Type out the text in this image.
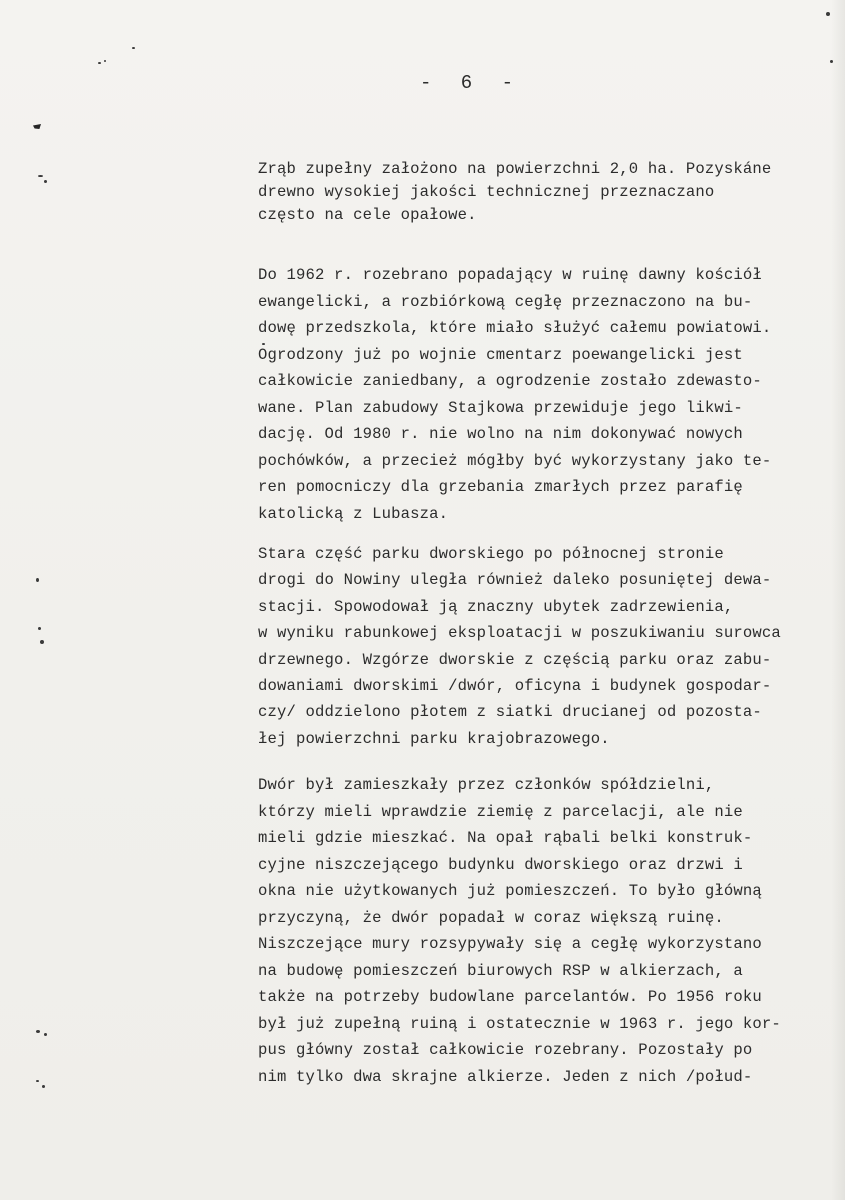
- 6 -
Zrąb zupełny założono na powierzchni 2,0 ha. Pozyskáne
drewno wysokiej jakości technicznej przeznaczano
często na cele opałowe.
Do 1962 r. rozebrano popadający w ruinę dawny kościół
ewangelicki, a rozbiórkową cegłę przeznaczono na bu-
dowę przedszkola, które miało służyć całemu powiatowi.
Ogrodzony już po wojnie cmentarz poewangelicki jest
całkowicie zaniedbany, a ogrodzenie zostało zdewasto-
wane. Plan zabudowy Stajkowa przewiduje jego likwi-
dację. Od 1980 r. nie wolno na nim dokonywać nowych
pochówków, a przecież mógłby być wykorzystany jako te-
ren pomocniczy dla grzebania zmarłych przez parafię
katolicką z Lubasza.
Stara część parku dworskiego po północnej stronie
drogi do Nowiny uległa również daleko posuniętej dewa-
stacji. Spowodował ją znaczny ubytek zadrzewienia,
w wyniku rabunkowej eksploatacji w poszukiwaniu surowca
drzewnego. Wzgórze dworskie z częścią parku oraz zabu-
dowaniami dworskimi /dwór, oficyna i budynek gospodar-
czy/ oddzielono płotem z siatki drucianej od pozosta-
łej powierzchni parku krajobrazowego.
Dwór był zamieszkały przez członków spółdzielni,
którzy mieli wprawdzie ziemię z parcelacji, ale nie
mieli gdzie mieszkać. Na opał rąbali belki konstruk-
cyjne niszczejącego budynku dworskiego oraz drzwi i
okna nie użytkowanych już pomieszczeń. To było główną
przyczyną, że dwór popadał w coraz większą ruinę.
Niszczejące mury rozsypywały się a cegłę wykorzystano
na budowę pomieszczeń biurowych RSP w alkierzach, a
także na potrzeby budowlane parcelantów. Po 1956 roku
był już zupełną ruiną i ostatecznie w 1963 r. jego kor-
pus główny został całkowicie rozebrany. Pozostały po
nim tylko dwa skrajne alkierze. Jeden z nich /połud-
